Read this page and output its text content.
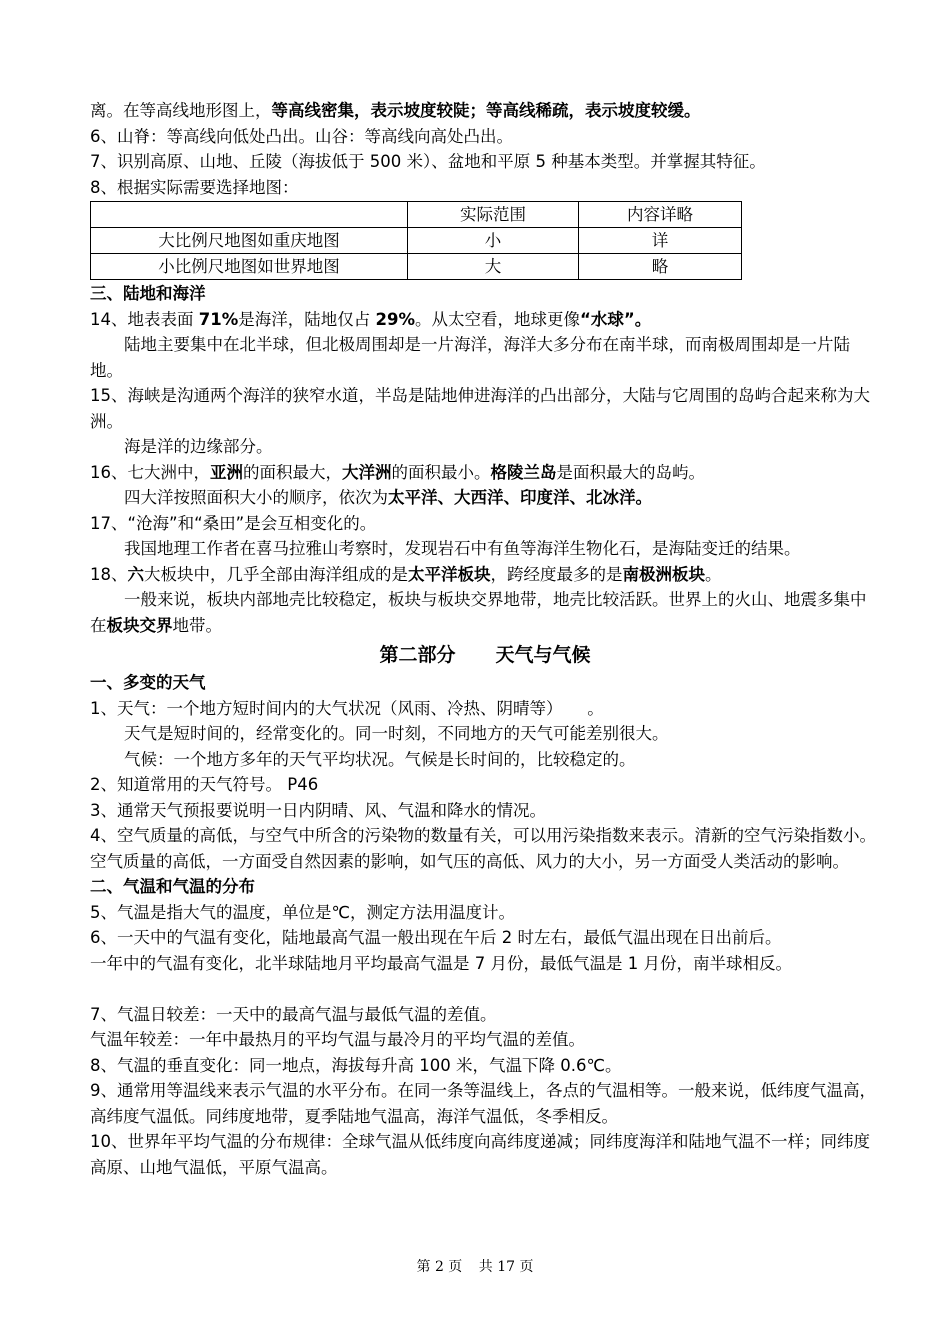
离。在等高线地形图上，等高线密集，表示坡度较陡；等高线稀疏，表示坡度较缓。

6、山脊：等高线向低处凸出。山谷：等高线向高处凸出。

7、识别高原、山地、丘陵（海拔低于 500 米）、盆地和平原 5 种基本类型。并掌握其特征。

8、根据实际需要选择地图：

	实际范围	内容详略
大比例尺地图如重庆地图	小	详
小比例尺地图如世界地图	大	略

三、陆地和海洋

14、地表表面 71%是海洋，陆地仅占 29%。从太空看，地球更像“水球”。

陆地主要集中在北半球，但北极周围却是一片海洋，海洋大多分布在南半球，而南极周围却是一片陆地。

15、海峡是沟通两个海洋的狭窄水道，半岛是陆地伸进海洋的凸出部分，大陆与它周围的岛屿合起来称为大洲。

海是洋的边缘部分。

16、七大洲中，亚洲的面积最大，大洋洲的面积最小。格陵兰岛是面积最大的岛屿。

四大洋按照面积大小的顺序，依次为太平洋、大西洋、印度洋、北冰洋。

17、“沧海”和“桑田”是会互相变化的。

我国地理工作者在喜马拉雅山考察时，发现岩石中有鱼等海洋生物化石，是海陆变迁的结果。

18、六大板块中，几乎全部由海洋组成的是太平洋板块，跨经度最多的是南极洲板块。

一般来说，板块内部地壳比较稳定，板块与板块交界地带，地壳比较活跃。世界上的火山、地震多集中在板块交界地带。

第二部分 天气与气候

一、多变的天气

1、天气：一个地方短时间内的大气状况（风雨、冷热、阴晴等）　　。

天气是短时间的，经常变化的。同一时刻，不同地方的天气可能差别很大。

气候：一个地方多年的天气平均状况。气候是长时间的，比较稳定的。

2、知道常用的天气符号。 P46

3、通常天气预报要说明一日内阴晴、风、气温和降水的情况。

4、空气质量的高低，与空气中所含的污染物的数量有关，可以用污染指数来表示。清新的空气污染指数小。

空气质量的高低，一方面受自然因素的影响，如气压的高低、风力的大小，另一方面受人类活动的影响。

二、气温和气温的分布

5、气温是指大气的温度，单位是℃，测定方法用温度计。

6、一天中的气温有变化，陆地最高气温一般出现在午后 2 时左右，最低气温出现在日出前后。

一年中的气温有变化，北半球陆地月平均最高气温是 7 月份，最低气温是 1 月份，南半球相反。

7、气温日较差：一天中的最高气温与最低气温的差值。

气温年较差：一年中最热月的平均气温与最冷月的平均气温的差值。

8、气温的垂直变化：同一地点，海拔每升高 100 米，气温下降 0.6℃。

9、通常用等温线来表示气温的水平分布。在同一条等温线上，各点的气温相等。一般来说，低纬度气温高，高纬度气温低。同纬度地带，夏季陆地气温高，海洋气温低，冬季相反。

10、世界年平均气温的分布规律：全球气温从低纬度向高纬度递减；同纬度海洋和陆地气温不一样；同纬度高原、山地气温低，平原气温高。

第 2 页 共 17 页
